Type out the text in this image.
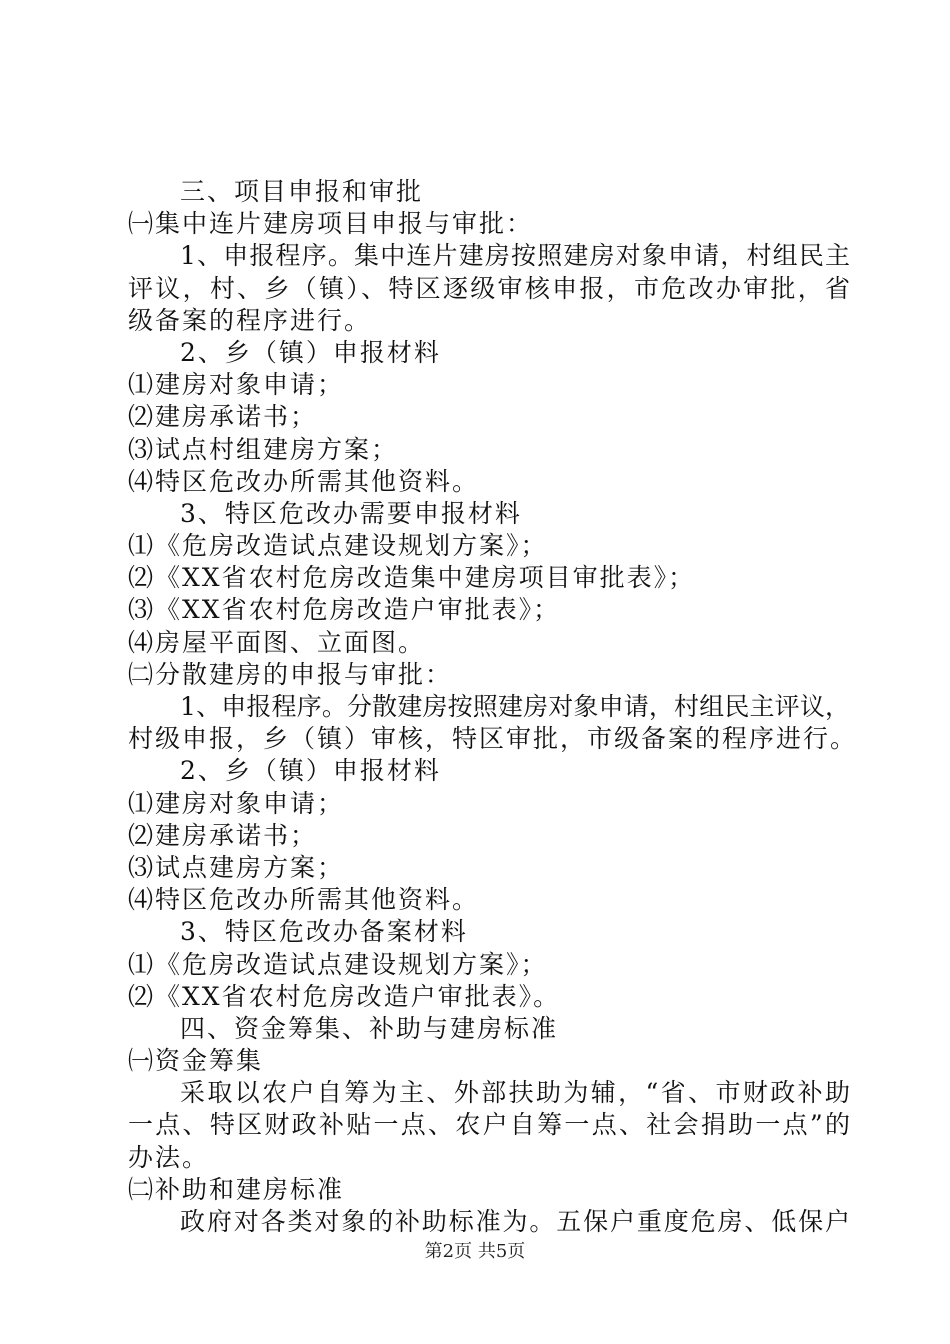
三、项目申报和审批
㈠集中连片建房项目申报与审批：
1、申报程序。集中连片建房按照建房对象申请，村组民主
评议，村、乡（镇）、特区逐级审核申报，市危改办审批，省
级备案的程序进行。
2、乡（镇）申报材料
⑴建房对象申请；
⑵建房承诺书；
⑶试点村组建房方案；
⑷特区危改办所需其他资料。
3、特区危改办需要申报材料
⑴《危房改造试点建设规划方案》；
⑵《XX省农村危房改造集中建房项目审批表》；
⑶《XX省农村危房改造户审批表》；
⑷房屋平面图、立面图。
㈡分散建房的申报与审批：
1、申报程序。分散建房按照建房对象申请，村组民主评议，
村级申报，乡（镇）审核，特区审批，市级备案的程序进行。
2、乡（镇）申报材料
⑴建房对象申请；
⑵建房承诺书；
⑶试点建房方案；
⑷特区危改办所需其他资料。
3、特区危改办备案材料
⑴《危房改造试点建设规划方案》；
⑵《XX省农村危房改造户审批表》。
四、资金筹集、补助与建房标准
㈠资金筹集
采取以农户自筹为主、外部扶助为辅，“省、市财政补助
一点、特区财政补贴一点、农户自筹一点、社会捐助一点”的
办法。
㈡补助和建房标准
政府对各类对象的补助标准为。五保户重度危房、低保户
第2页 共5页
